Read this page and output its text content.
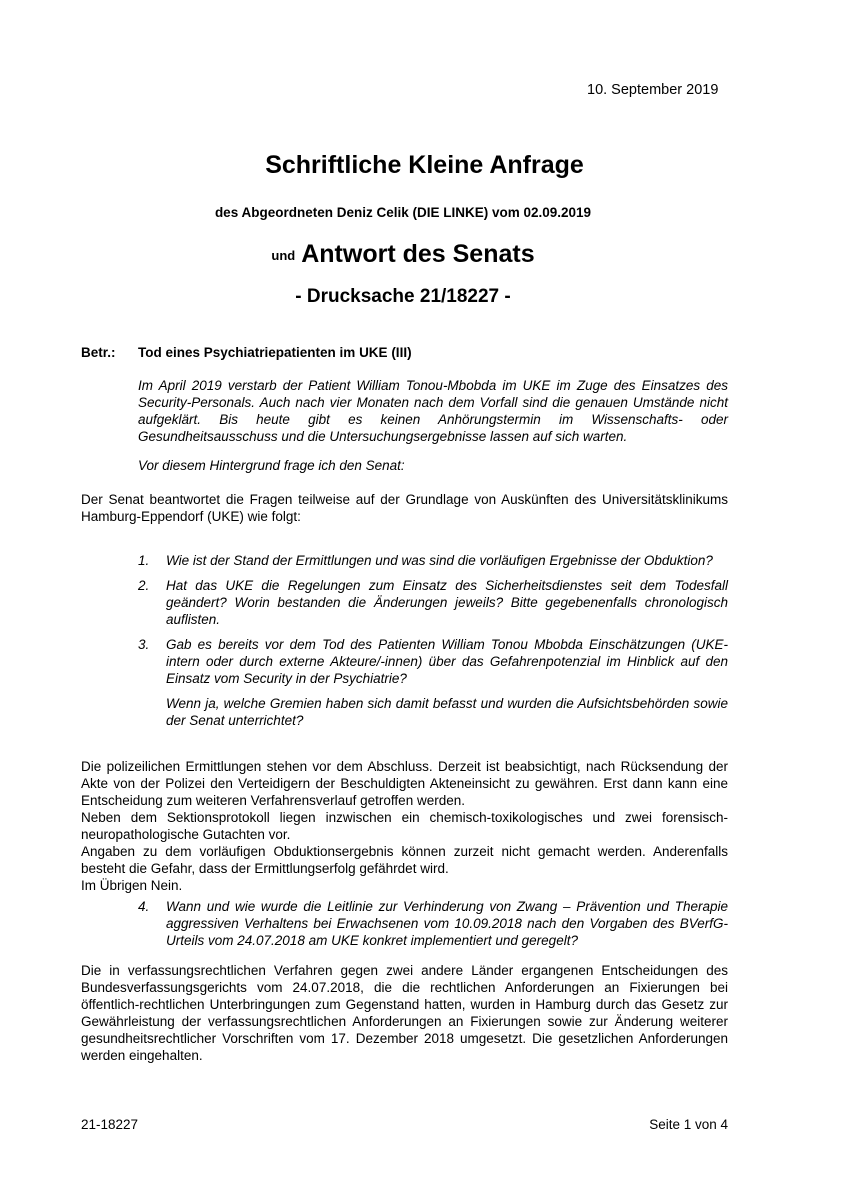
10. September 2019
Schriftliche Kleine Anfrage
des Abgeordneten Deniz Celik (DIE LINKE) vom 02.09.2019
und Antwort des Senats
- Drucksache 21/18227 -
Betr.: Tod eines Psychiatriepatienten im UKE (III)

Im April 2019 verstarb der Patient William Tonou-Mbobda im UKE im Zuge des Einsatzes des Security-Personals. Auch nach vier Monaten nach dem Vorfall sind die genauen Umstände nicht aufgeklärt. Bis heute gibt es keinen Anhörungstermin im Wissenschafts- oder Gesundheitsausschuss und die Untersuchungsergebnisse lassen auf sich warten.

Vor diesem Hintergrund frage ich den Senat:
Der Senat beantwortet die Fragen teilweise auf der Grundlage von Auskünften des Universitätsklinikums Hamburg-Eppendorf (UKE) wie folgt:

1. Wie ist der Stand der Ermittlungen und was sind die vorläufigen Ergebnisse der Obduktion?

2. Hat das UKE die Regelungen zum Einsatz des Sicherheitsdienstes seit dem Todesfall geändert? Worin bestanden die Änderungen jeweils? Bitte gegebenenfalls chronologisch auflisten.

3. Gab es bereits vor dem Tod des Patienten William Tonou Mbobda Einschätzungen (UKE-intern oder durch externe Akteure/-innen) über das Gefahrenpotenzial im Hinblick auf den Einsatz vom Security in der Psychiatrie?

Wenn ja, welche Gremien haben sich damit befasst und wurden die Aufsichtsbehörden sowie der Senat unterrichtet?

Die polizeilichen Ermittlungen stehen vor dem Abschluss. Derzeit ist beabsichtigt, nach Rücksendung der Akte von der Polizei den Verteidigern der Beschuldigten Akteneinsicht zu gewähren. Erst dann kann eine Entscheidung zum weiteren Verfahrensverlauf getroffen werden.

Neben dem Sektionsprotokoll liegen inzwischen ein chemisch-toxikologisches und zwei forensisch-neuropathologische Gutachten vor.

Angaben zu dem vorläufigen Obduktionsergebnis können zurzeit nicht gemacht werden. Anderenfalls besteht die Gefahr, dass der Ermittlungserfolg gefährdet wird.

Im Übrigen Nein.

4. Wann und wie wurde die Leitlinie zur Verhinderung von Zwang – Prävention und Therapie aggressiven Verhaltens bei Erwachsenen vom 10.09.2018 nach den Vorgaben des BVerfG-Urteils vom 24.07.2018 am UKE konkret implementiert und geregelt?

Die in verfassungsrechtlichen Verfahren gegen zwei andere Länder ergangenen Entscheidungen des Bundesverfassungsgerichts vom 24.07.2018, die die rechtlichen Anforderungen an Fixierungen bei öffentlich-rechtlichen Unterbringungen zum Gegenstand hatten, wurden in Hamburg durch das Gesetz zur Gewährleistung der verfassungsrechtlichen Anforderungen an Fixierungen sowie zur Änderung weiterer gesundheitsrechtlicher Vorschriften vom 17. Dezember 2018 umgesetzt. Die gesetzlichen Anforderungen werden eingehalten.
21-18227	Seite 1 von 4
